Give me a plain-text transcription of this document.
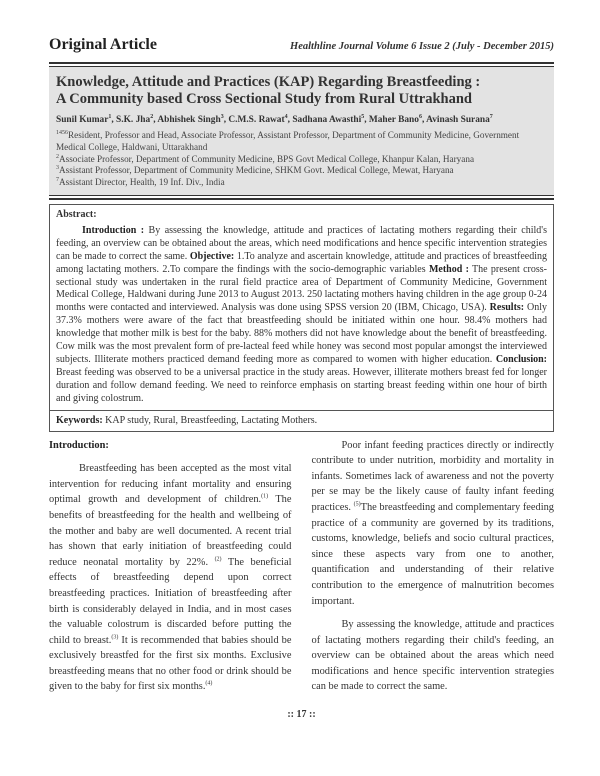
Original Article	Healthline Journal Volume 6 Issue 2 (July - December 2015)
Knowledge, Attitude and Practices (KAP) Regarding Breastfeeding :
A Community based Cross Sectional Study from Rural Uttrakhand
Sunil Kumar$^1$, S.K. Jha$^2$, Abhishek Singh$^3$, C.M.S. Rawat$^4$, Sadhana Awasthi$^5$, Maher Bano$^6$, Avinash Surana$^7$
$^{1456}$Resident, Professor and Head, Associate Professor, Assistant Professor, Department of Community Medicine, Government Medical College, Haldwani, Uttarakhand
$^2$Associate Professor, Department of Community Medicine, BPS Govt Medical College, Khanpur Kalan, Haryana
$^3$Assistant Professor, Department of Community Medicine, SHKM Govt. Medical College, Mewat, Haryana
$^7$Assistant Director, Health, 19 Inf. Div., India
Abstract:
Introduction : By assessing the knowledge, attitude and practices of lactating mothers regarding their child's feeding, an overview can be obtained about the areas, which need modifications and hence specific intervention strategies can be made to correct the same. Objective: 1.To analyze and ascertain knowledge, attitude and practices of breastfeeding among lactating mothers. 2.To compare the findings with the socio-demographic variables Method : The present cross-sectional study was undertaken in the rural field practice area of Department of Community Medicine, Government Medical College, Haldwani during June 2013 to August 2013. 250 lactating mothers having children in the age group 0-24 months were contacted and interviewed. Analysis was done using SPSS version 20 (IBM, Chicago, USA). Results: Only 37.3% mothers were aware of the fact that breastfeeding should be initiated within one hour. 98.4% mothers had knowledge that mother milk is best for the baby. 88% mothers did not have knowledge about the benefit of breastfeeding. Cow milk was the most prevalent form of pre-lacteal feed while honey was second most popular amongst the interviewed subjects. Illiterate mothers practiced demand feeding more as compared to women with higher education. Conclusion: Breast feeding was observed to be a universal practice in the study areas. However, illiterate mothers breast fed for longer duration and follow demand feeding. We need to reinforce emphasis on starting breast feeding within one hour of birth and giving colostrum.
Keywords: KAP study, Rural, Breastfeeding, Lactating Mothers.
Introduction:

Breastfeeding has been accepted as the most vital intervention for reducing infant mortality and ensuring optimal growth and development of children.$^{(1)}$ The benefits of breastfeeding for the health and wellbeing of the mother and baby are well documented. A recent trial has shown that early initiation of breastfeeding could reduce neonatal mortality by 22%. $^{(2)}$ The beneficial effects of breastfeeding depend upon correct breastfeeding practices. Initiation of breastfeeding after birth is considerably delayed in India, and in most cases the valuable colostrum is discarded before putting the child to breast.$^{(3)}$ It is recommended that babies should be exclusively breastfed for the first six months. Exclusive breastfeeding means that no other food or drink should be given to the baby for first six months.$^{(4)}$

Poor infant feeding practices directly or indirectly contribute to under nutrition, morbidity and mortality in infants. Sometimes lack of awareness and not the poverty per se may be the likely cause of faulty infant feeding practices. $^{(5)}$The breastfeeding and complementary feeding practice of a community are governed by its traditions, customs, knowledge, beliefs and socio cultural practices, since these aspects vary from one to another, quantification and understanding of their relative contribution to the emergence of malnutrition becomes important.

By assessing the knowledge, attitude and practices of lactating mothers regarding their child's feeding, an overview can be obtained about the areas which need modifications and hence specific intervention strategies can be made to correct the same.

:: 17 ::
